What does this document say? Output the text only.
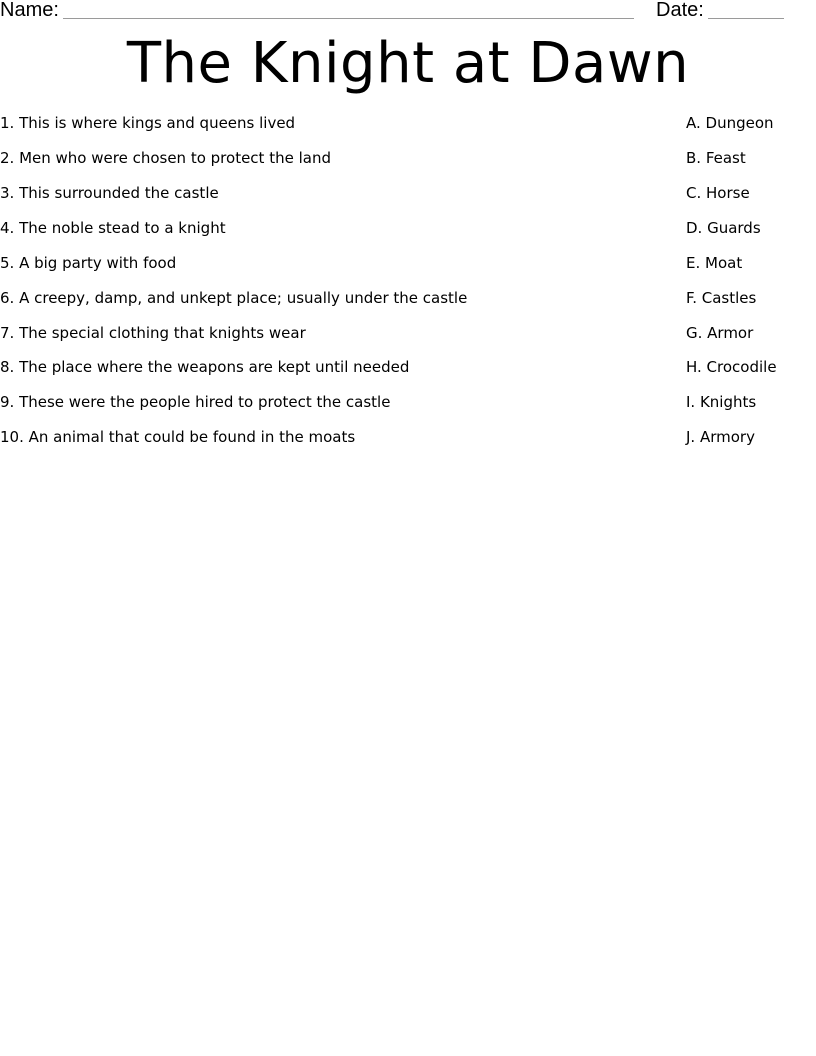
Name:	Date:
The Knight at Dawn
1. This is where kings and queens lived	A. Dungeon
2. Men who were chosen to protect the land	B. Feast
3. This surrounded the castle	C. Horse
4. The noble stead to a knight	D. Guards
5. A big party with food	E. Moat
6. A creepy, damp, and unkept place; usually under the castle	F. Castles
7. The special clothing that knights wear	G. Armor
8. The place where the weapons are kept until needed	H. Crocodile
9. These were the people hired to protect the castle	I. Knights
10. An animal that could be found in the moats	J. Armory
